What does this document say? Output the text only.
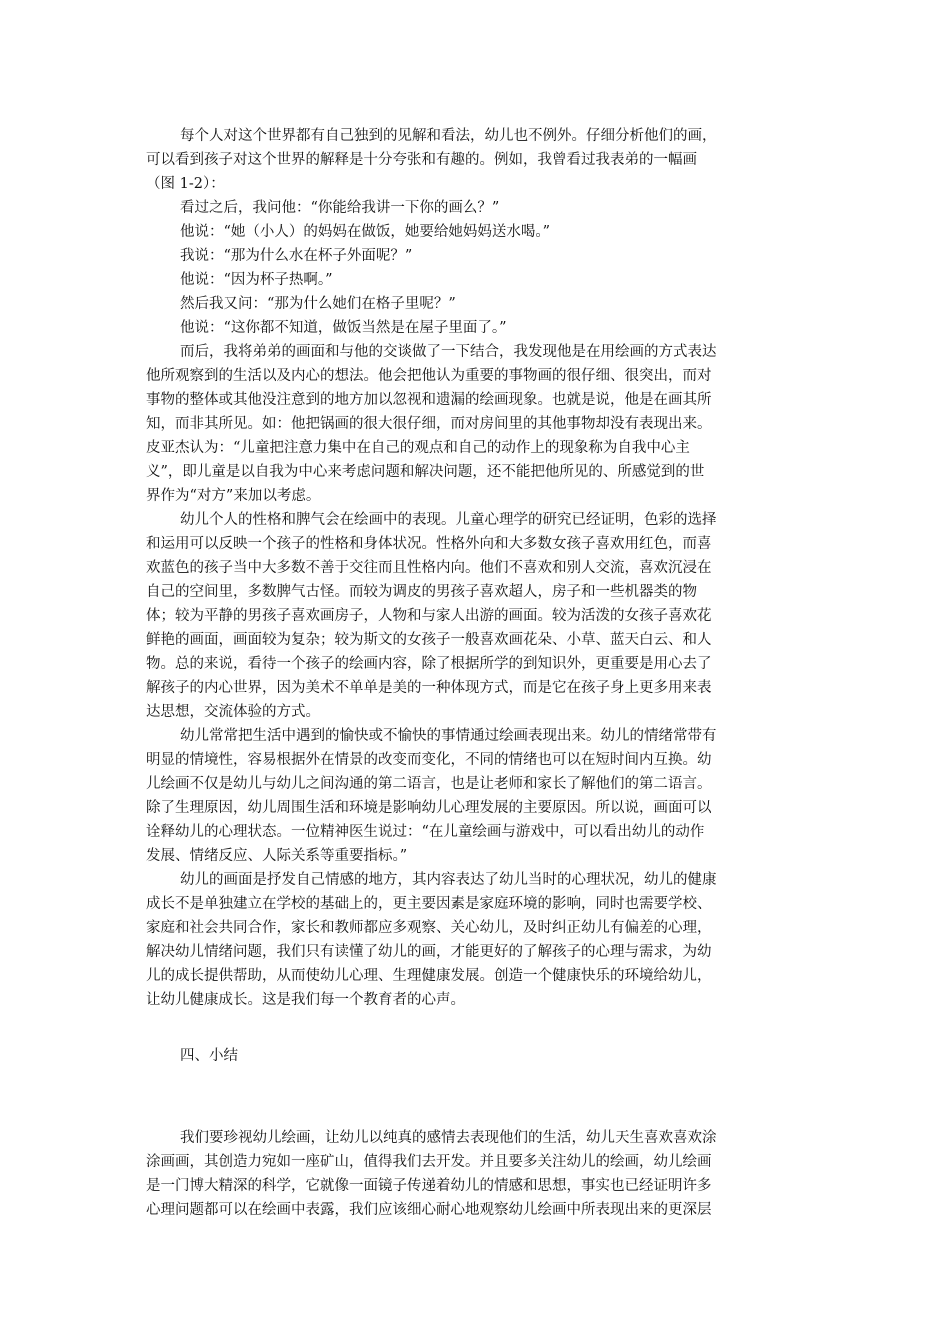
每个人对这个世界都有自己独到的见解和看法，幼儿也不例外。仔细分析他们的画，
可以看到孩子对这个世界的解释是十分夸张和有趣的。例如，我曾看过我表弟的一幅画
（图 1-2）：
看过之后，我问他：“你能给我讲一下你的画么？”
他说：“她（小人）的妈妈在做饭，她要给她妈妈送水喝。”
我说：“那为什么水在杯子外面呢？”
他说：“因为杯子热啊。”
然后我又问：“那为什么她们在格子里呢？”
他说：“这你都不知道，做饭当然是在屋子里面了。”
而后，我将弟弟的画面和与他的交谈做了一下结合，我发现他是在用绘画的方式表达
他所观察到的生活以及内心的想法。他会把他认为重要的事物画的很仔细、很突出，而对
事物的整体或其他没注意到的地方加以忽视和遗漏的绘画现象。也就是说，他是在画其所
知，而非其所见。如：他把锅画的很大很仔细，而对房间里的其他事物却没有表现出来。
皮亚杰认为：“儿童把注意力集中在自己的观点和自己的动作上的现象称为自我中心主
义”，即儿童是以自我为中心来考虑问题和解决问题，还不能把他所见的、所感觉到的世
界作为“对方”来加以考虑。
幼儿个人的性格和脾气会在绘画中的表现。儿童心理学的研究已经证明，色彩的选择
和运用可以反映一个孩子的性格和身体状况。性格外向和大多数女孩子喜欢用红色，而喜
欢蓝色的孩子当中大多数不善于交往而且性格内向。他们不喜欢和别人交流，喜欢沉浸在
自己的空间里，多数脾气古怪。而较为调皮的男孩子喜欢超人，房子和一些机器类的物
体；较为平静的男孩子喜欢画房子，人物和与家人出游的画面。较为活泼的女孩子喜欢花
鲜艳的画面，画面较为复杂；较为斯文的女孩子一般喜欢画花朵、小草、蓝天白云、和人
物。总的来说，看待一个孩子的绘画内容，除了根据所学的到知识外，更重要是用心去了
解孩子的内心世界，因为美术不单单是美的一种体现方式，而是它在孩子身上更多用来表
达思想，交流体验的方式。
幼儿常常把生活中遇到的愉快或不愉快的事情通过绘画表现出来。幼儿的情绪常带有
明显的情境性，容易根据外在情景的改变而变化，不同的情绪也可以在短时间内互换。幼
儿绘画不仅是幼儿与幼儿之间沟通的第二语言，也是让老师和家长了解他们的第二语言。
除了生理原因，幼儿周围生活和环境是影响幼儿心理发展的主要原因。所以说，画面可以
诠释幼儿的心理状态。一位精神医生说过：“在儿童绘画与游戏中，可以看出幼儿的动作
发展、情绪反应、人际关系等重要指标。”
幼儿的画面是抒发自己情感的地方，其内容表达了幼儿当时的心理状况，幼儿的健康
成长不是单独建立在学校的基础上的，更主要因素是家庭环境的影响，同时也需要学校、
家庭和社会共同合作，家长和教师都应多观察、关心幼儿，及时纠正幼儿有偏差的心理，
解决幼儿情绪问题，我们只有读懂了幼儿的画，才能更好的了解孩子的心理与需求，为幼
儿的成长提供帮助，从而使幼儿心理、生理健康发展。创造一个健康快乐的环境给幼儿，
让幼儿健康成长。这是我们每一个教育者的心声。
四、小结
我们要珍视幼儿绘画，让幼儿以纯真的感情去表现他们的生活，幼儿天生喜欢喜欢涂
涂画画，其创造力宛如一座矿山，值得我们去开发。并且要多关注幼儿的绘画，幼儿绘画
是一门博大精深的科学，它就像一面镜子传递着幼儿的情感和思想，事实也已经证明许多
心理问题都可以在绘画中表露，我们应该细心耐心地观察幼儿绘画中所表现出来的更深层
